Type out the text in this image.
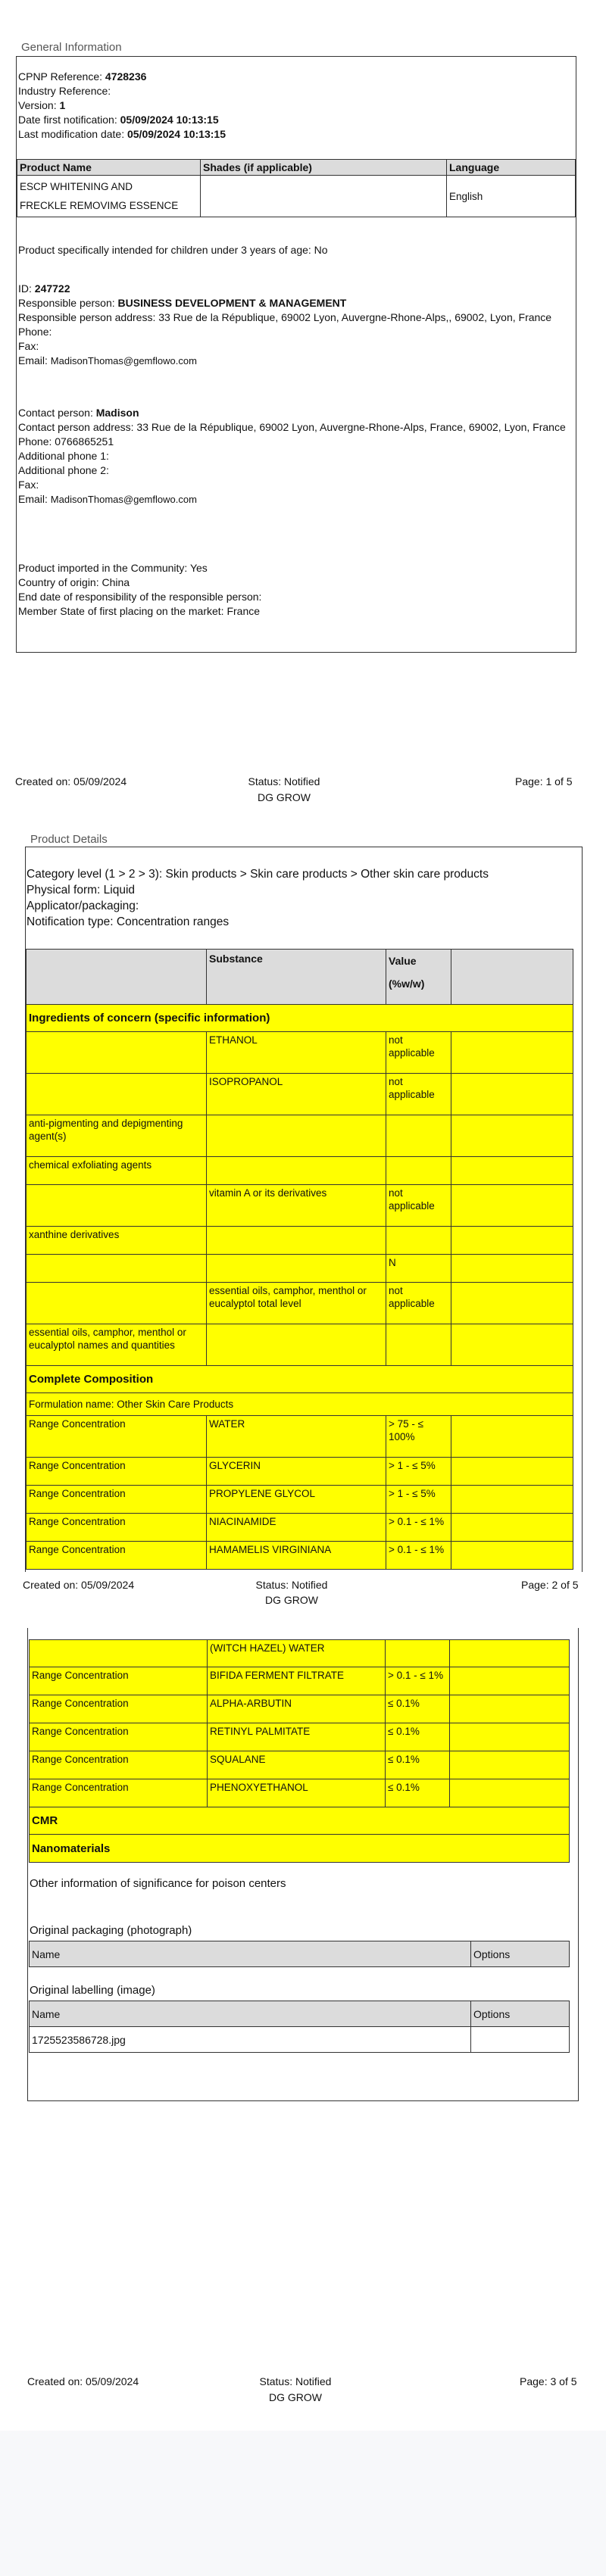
General Information
CPNP Reference: 4728236
Industry Reference:
Version: 1
Date first notification: 05/09/2024 10:13:15
Last modification date: 05/09/2024 10:13:15
Product Name	Shades (if applicable)	Language

ESCP WHITENING AND
FRECKLE REMOVIMG ESSENCE		English
Product specifically intended for children under 3 years of age: No
ID: 247722
Responsible person: BUSINESS DEVELOPMENT & MANAGEMENT
Responsible person address: 33 Rue de la République, 69002 Lyon, Auvergne-Rhone-Alps,, 69002, Lyon, France
Phone:
Fax:
Email: MadisonThomas@gemflowo.com
Contact person: Madison
Contact person address: 33 Rue de la République, 69002 Lyon, Auvergne-Rhone-Alps, France, 69002, Lyon, France
Phone: 0766865251
Additional phone 1:
Additional phone 2:
Fax:
Email: MadisonThomas@gemflowo.com
Product imported in the Community: Yes
Country of origin: China
End date of responsibility of the responsible person:
Member State of first placing on the market: France
Created on: 05/09/2024	Status: Notified
DG GROW
Page: 1 of 5
Product Details
Category level (1 > 2 > 3): Skin products > Skin care products > Other skin care products
Physical form: Liquid
Applicator/packaging:
Notification type: Concentration ranges
	Substance	Value
(%w/w)	

Ingredients of concern (specific information)			
	ETHANOL	not applicable	
	ISOPROPANOL	not applicable	
anti-pigmenting and depigmenting agent(s)			
chemical exfoliating agents			
	vitamin A or its derivatives	not applicable	
xanthine derivatives			
		N	
	essential oils, camphor, menthol or eucalyptol total level	not applicable	
essential oils, camphor, menthol or eucalyptol names and quantities			
Complete Composition			
Formulation name: Other Skin Care Products			
Range Concentration	WATER	> 75 - ≤ 100%	
Range Concentration	GLYCERIN	> 1 - ≤ 5%	
Range Concentration	PROPYLENE GLYCOL	> 1 - ≤ 5%	
Range Concentration	NIACINAMIDE	> 0.1 - ≤ 1%	
Range Concentration	HAMAMELIS VIRGINIANA	> 0.1 - ≤ 1%	
Created on: 05/09/2024	Status: Notified
DG GROW
Page: 2 of 5
	(WITCH HAZEL) WATER		
Range Concentration	BIFIDA FERMENT FILTRATE	> 0.1 - ≤ 1%	
Range Concentration	ALPHA-ARBUTIN	≤ 0.1%	
Range Concentration	RETINYL PALMITATE	≤ 0.1%	
Range Concentration	SQUALANE	≤ 0.1%	
Range Concentration	PHENOXYETHANOL	≤ 0.1%	
CMR			
Nanomaterials			
Other information of significance for poison centers
Original packaging (photograph)
Name	Options
Original labelling (image)
Name	Options
1725523586728.jpg	
Created on: 05/09/2024	Status: Notified
DG GROW
Page: 3 of 5
